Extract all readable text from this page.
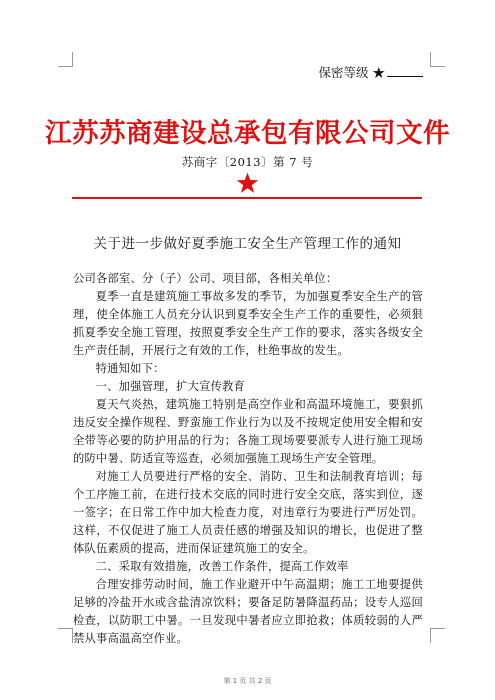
保密等级 ★
江苏苏商建设总承包有限公司文件
苏商字〔2013〕第 7 号
关于进一步做好夏季施工安全生产管理工作的通知

公司各部室、分（子）公司、项目部，各相关单位：

夏季一直是建筑施工事故多发的季节，为加强夏季安全生产的管理，使全体施工人员充分认识到夏季安全生产工作的重要性，必须狠抓夏季安全施工管理，按照夏季安全生产工作的要求，落实各级安全生产责任制，开展行之有效的工作，杜绝事故的发生。

特通知如下：

一、加强管理，扩大宣传教育

夏天气炎热，建筑施工特别是高空作业和高温环境施工，要狠抓违反安全操作规程、野蛮施工作业行为以及不按规定使用安全帽和安全带等必要的防护用品的行为；各施工现场要要派专人进行施工现场的防中暑、防适宣等巡查，必须加强施工现场生产安全管理。

对施工人员要进行严格的安全、消防、卫生和法制教育培训；每个工序施工前，在进行技术交底的同时进行安全交底，落实到位，逐一签字；在日常工作中加大检查力度，对违章行为要进行严厉处罚。这样，不仅促进了施工人员责任感的增强及知识的增长，也促进了整体队伍素质的提高，进而保证建筑施工的安全。

二、采取有效措施，改善工作条件，提高工作效率

合理安排劳动时间，施工作业避开中午高温期；施工工地要提供足够的冷盐开水或含盐清凉饮料；要备足防暑降温药品；设专人巡回检查，以防职工中暑。一旦发现中暑者应立即抢救；体质较弱的人严禁从事高温高空作业。

第 1 页 共 2 页
